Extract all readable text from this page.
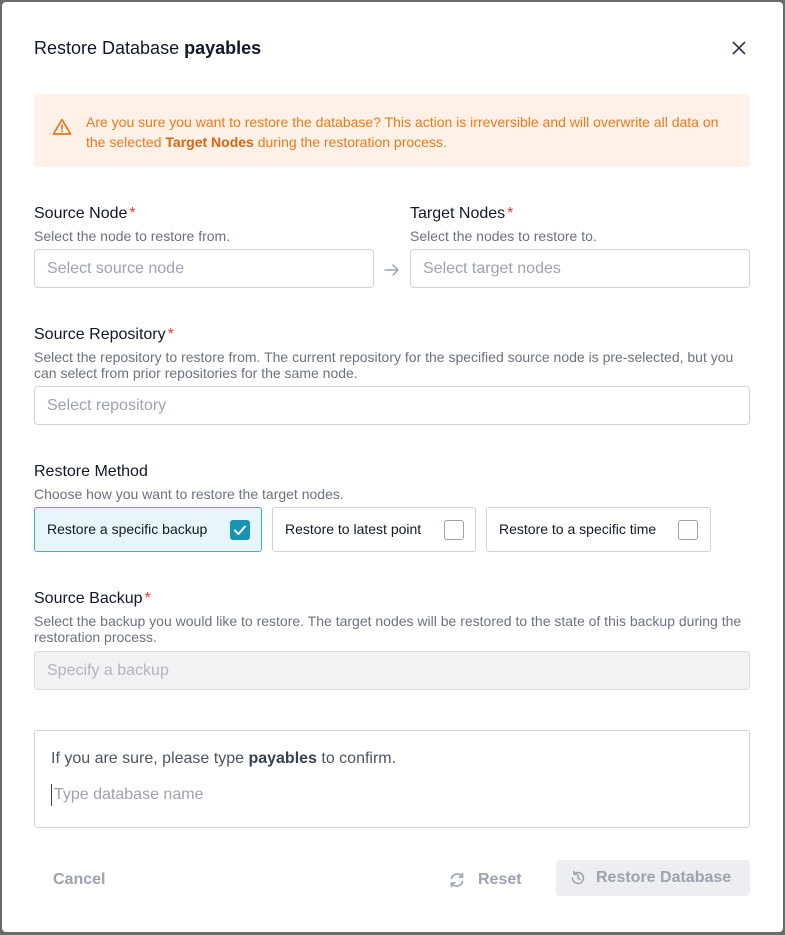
Restore Database payables
Are you sure you want to restore the database? This action is irreversible and will overwrite all data on the selected Target Nodes during the restoration process.
Source Node *
Select the node to restore from.
Select source node
Target Nodes *
Select the nodes to restore to.
Select target nodes
Source Repository *
Select the repository to restore from. The current repository for the specified source node is pre-selected, but you can select from prior repositories for the same node.
Select repository
Restore Method
Choose how you want to restore the target nodes.
Restore a specific backup	Restore to latest point	Restore to a specific time
Source Backup *
Select the backup you would like to restore. The target nodes will be restored to the state of this backup during the restoration process.
Specify a backup
If you are sure, please type payables to confirm.
Type database name
Cancel	Reset	Restore Database
